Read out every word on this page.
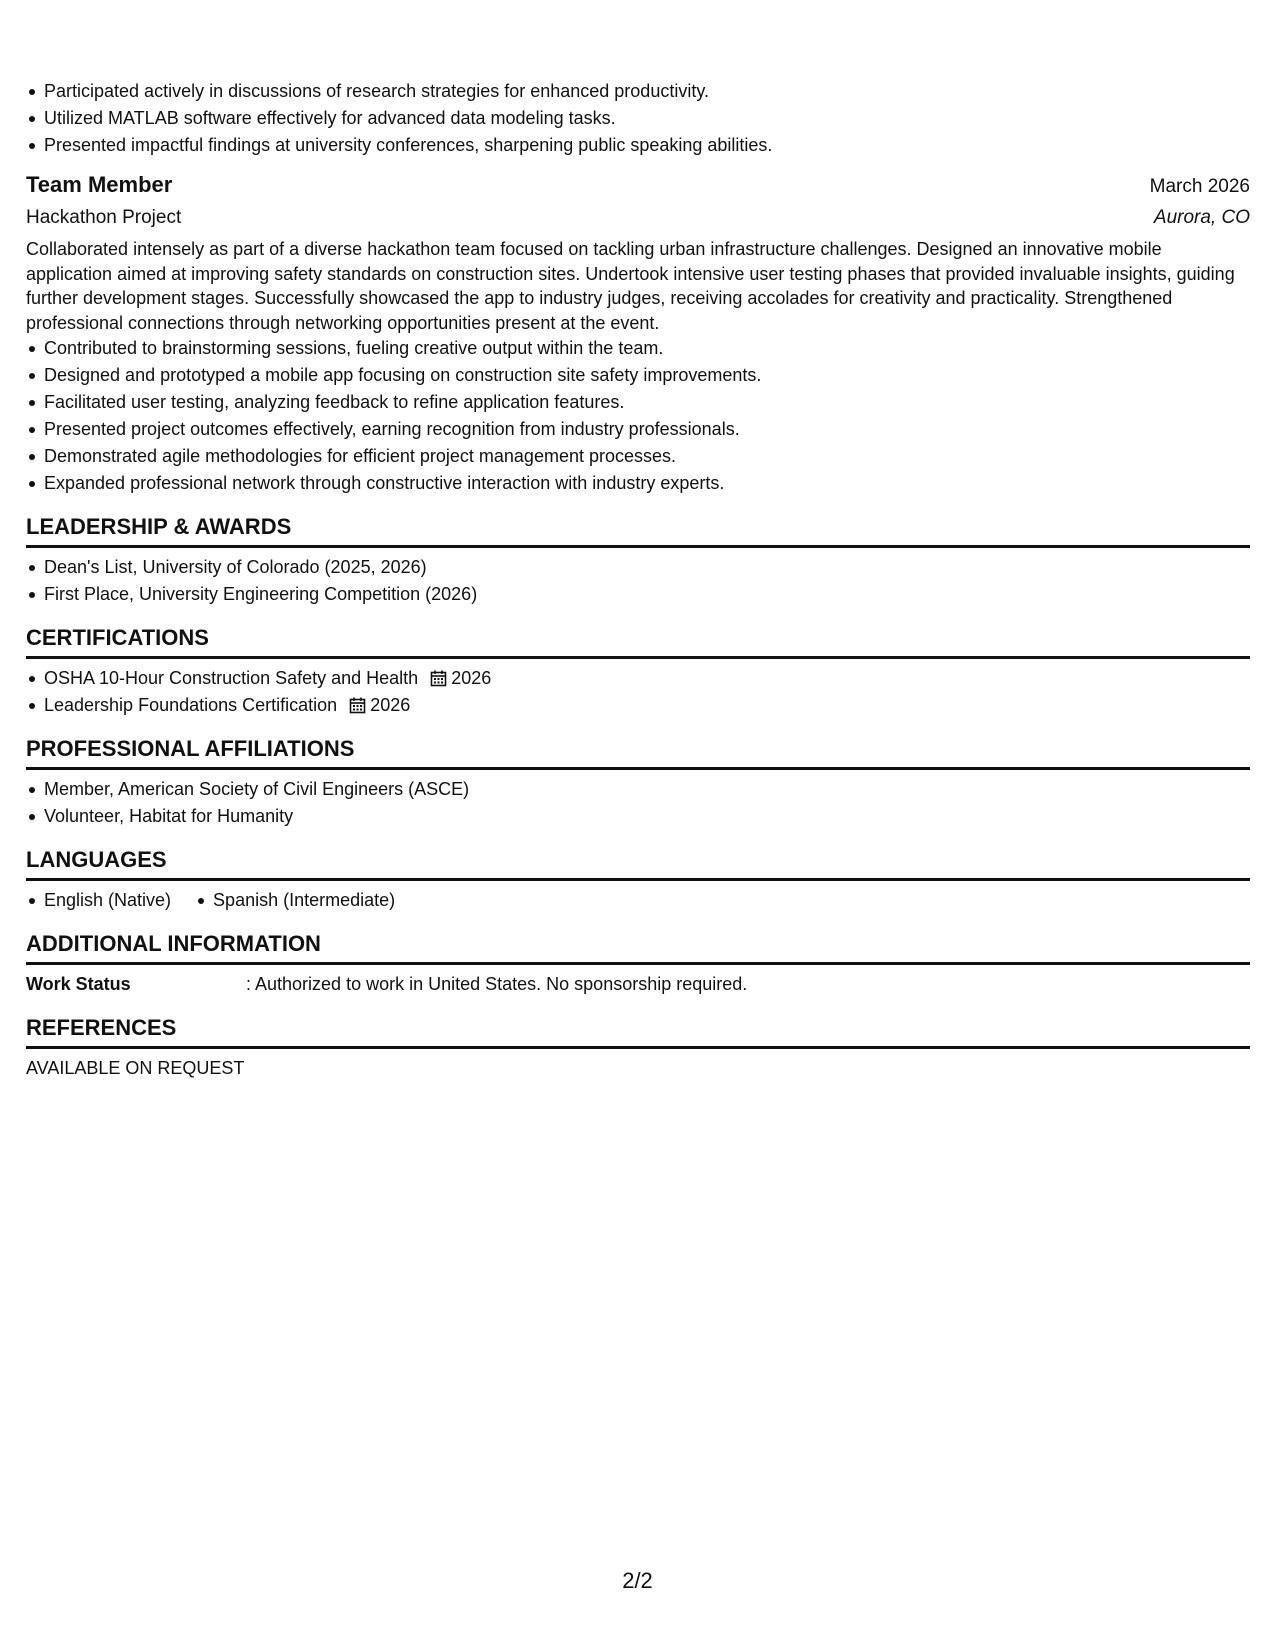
Participated actively in discussions of research strategies for enhanced productivity.
Utilized MATLAB software effectively for advanced data modeling tasks.
Presented impactful findings at university conferences, sharpening public speaking abilities.
Team Member	March 2026
Hackathon Project	Aurora, CO
Collaborated intensely as part of a diverse hackathon team focused on tackling urban infrastructure challenges. Designed an innovative mobile application aimed at improving safety standards on construction sites. Undertook intensive user testing phases that provided invaluable insights, guiding further development stages. Successfully showcased the app to industry judges, receiving accolades for creativity and practicality. Strengthened professional connections through networking opportunities present at the event.
Contributed to brainstorming sessions, fueling creative output within the team.
Designed and prototyped a mobile app focusing on construction site safety improvements.
Facilitated user testing, analyzing feedback to refine application features.
Presented project outcomes effectively, earning recognition from industry professionals.
Demonstrated agile methodologies for efficient project management processes.
Expanded professional network through constructive interaction with industry experts.
LEADERSHIP & AWARDS
Dean's List, University of Colorado (2025, 2026)
First Place, University Engineering Competition (2026)
CERTIFICATIONS
OSHA 10-Hour Construction Safety and Health 2026
Leadership Foundations Certification 2026
PROFESSIONAL AFFILIATIONS
Member, American Society of Civil Engineers (ASCE)
Volunteer, Habitat for Humanity
LANGUAGES
English (Native)	Spanish (Intermediate)
ADDITIONAL INFORMATION
Work Status	: Authorized to work in United States. No sponsorship required.
REFERENCES
AVAILABLE ON REQUEST
2/2
